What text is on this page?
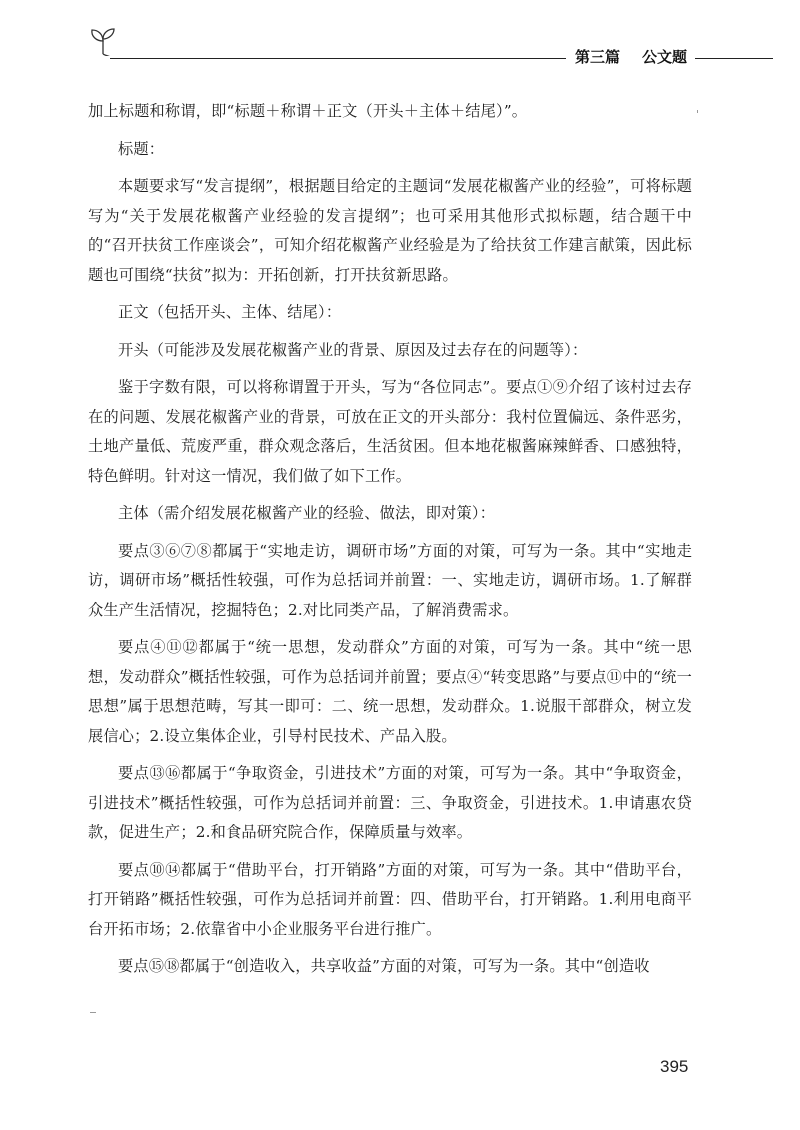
第三篇 公文题

加上标题和称谓，即“标题＋称谓＋正文（开头＋主体＋结尾）”。

标题：

本题要求写“发言提纲”，根据题目给定的主题词“发展花椒酱产业的经验”，可将标题写为“关于发展花椒酱产业经验的发言提纲”；也可采用其他形式拟标题，结合题干中的“召开扶贫工作座谈会”，可知介绍花椒酱产业经验是为了给扶贫工作建言献策，因此标题也可围绕“扶贫”拟为：开拓创新，打开扶贫新思路。

正文（包括开头、主体、结尾）：

开头（可能涉及发展花椒酱产业的背景、原因及过去存在的问题等）：

鉴于字数有限，可以将称谓置于开头，写为“各位同志”。要点①⑨介绍了该村过去存在的问题、发展花椒酱产业的背景，可放在正文的开头部分：我村位置偏远、条件恶劣，土地产量低、荒废严重，群众观念落后，生活贫困。但本地花椒酱麻辣鲜香、口感独特，特色鲜明。针对这一情况，我们做了如下工作。

主体（需介绍发展花椒酱产业的经验、做法，即对策）：

要点③⑥⑦⑧都属于“实地走访，调研市场”方面的对策，可写为一条。其中“实地走访，调研市场”概括性较强，可作为总括词并前置：一、实地走访，调研市场。1.了解群众生产生活情况，挖掘特色；2.对比同类产品，了解消费需求。

要点④⑪⑫都属于“统一思想，发动群众”方面的对策，可写为一条。其中“统一思想，发动群众”概括性较强，可作为总括词并前置；要点④“转变思路”与要点⑪中的“统一思想”属于思想范畴，写其一即可：二、统一思想，发动群众。1.说服干部群众，树立发展信心；2.设立集体企业，引导村民技术、产品入股。

要点⑬⑯都属于“争取资金，引进技术”方面的对策，可写为一条。其中“争取资金，引进技术”概括性较强，可作为总括词并前置：三、争取资金，引进技术。1.申请惠农贷款，促进生产；2.和食品研究院合作，保障质量与效率。

要点⑩⑭都属于“借助平台，打开销路”方面的对策，可写为一条。其中“借助平台，打开销路”概括性较强，可作为总括词并前置：四、借助平台，打开销路。1.利用电商平台开拓市场；2.依靠省中小企业服务平台进行推广。

要点⑮⑱都属于“创造收入，共享收益”方面的对策，可写为一条。其中“创造收

395
